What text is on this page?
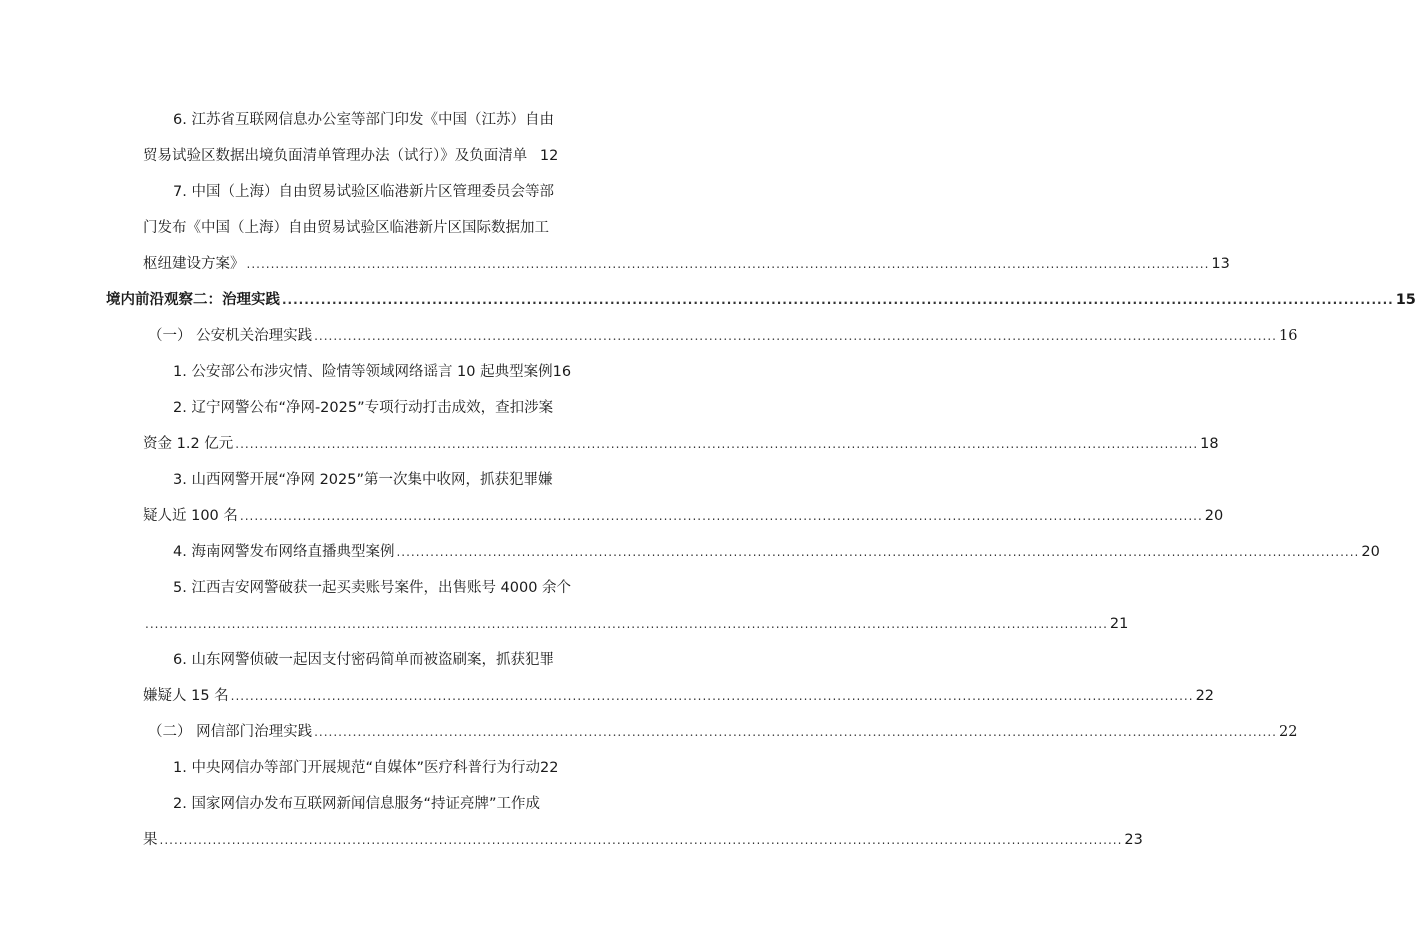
6. 江苏省互联网信息办公室等部门印发《中国（江苏）自由
贸易试验区数据出境负面清单管理办法（试行）》及负面清单 12
7. 中国（上海）自由贸易试验区临港新片区管理委员会等部
门发布《中国（上海）自由贸易试验区临港新片区国际数据加工
枢纽建设方案》 ........................................................................................................................................................................................................ 13
境内前沿观察二：治理实践 ........................................................................................................................................................................................................ 15
（一） 公安机关治理实践 ........................................................................................................................................................................................................ 16
1. 公安部公布涉灾情、险情等领域网络谣言 10 起典型案例16
2. 辽宁网警公布“净网-2025”专项行动打击成效，查扣涉案
资金 1.2 亿元 ........................................................................................................................................................................................................ 18
3. 山西网警开展“净网 2025”第一次集中收网，抓获犯罪嫌
疑人近 100 名 ........................................................................................................................................................................................................ 20
4. 海南网警发布网络直播典型案例 ........................................................................................................................................................................................................ 20
5. 江西吉安网警破获一起买卖账号案件，出售账号 4000 余个
........................................................................................................................................................................................................ 21
6. 山东网警侦破一起因支付密码简单而被盗刷案，抓获犯罪
嫌疑人 15 名 ........................................................................................................................................................................................................ 22
（二） 网信部门治理实践 ........................................................................................................................................................................................................ 22
1. 中央网信办等部门开展规范“自媒体”医疗科普行为行动22
2. 国家网信办发布互联网新闻信息服务“持证亮牌”工作成
果 ........................................................................................................................................................................................................ 23
